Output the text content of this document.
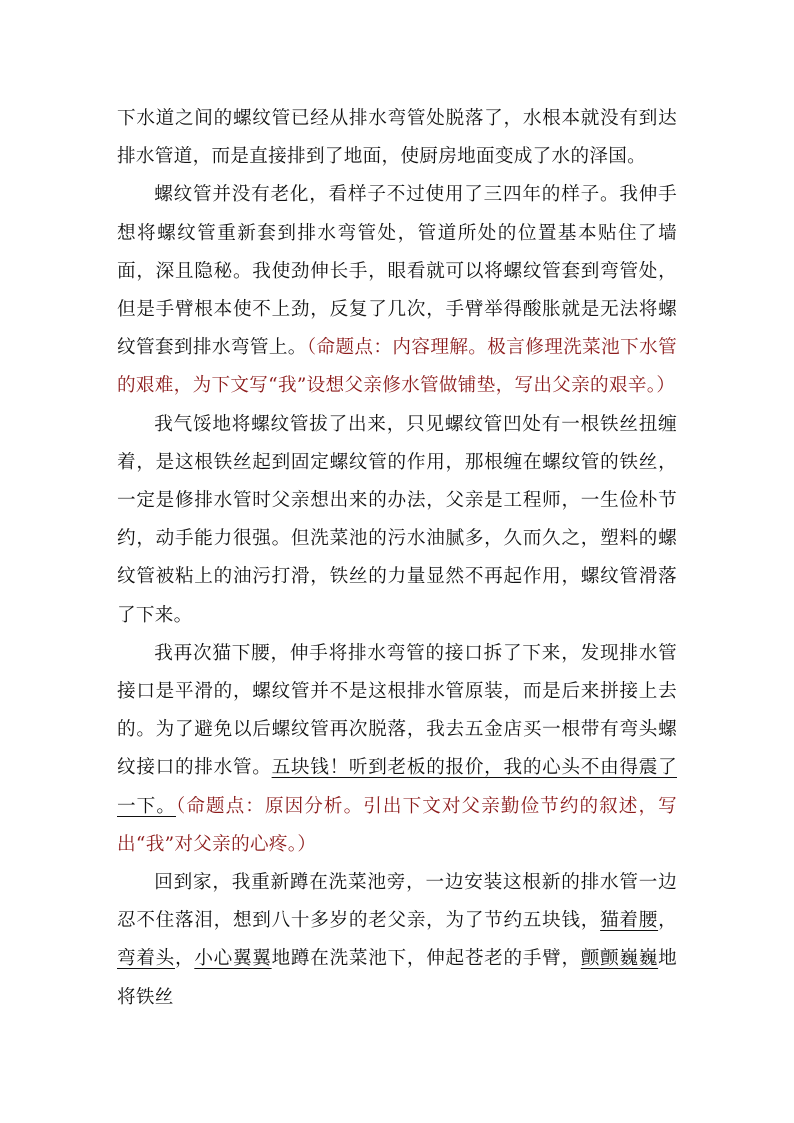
下水道之间的螺纹管已经从排水弯管处脱落了，水根本就没有到达排水管道，而是直接排到了地面，使厨房地面变成了水的泽国。

螺纹管并没有老化，看样子不过使用了三四年的样子。我伸手想将螺纹管重新套到排水弯管处，管道所处的位置基本贴住了墙面，深且隐秘。我使劲伸长手，眼看就可以将螺纹管套到弯管处，但是手臂根本使不上劲，反复了几次，手臂举得酸胀就是无法将螺纹管套到排水弯管上。（命题点：内容理解。极言修理洗菜池下水管的艰难，为下文写“我”设想父亲修水管做铺垫，写出父亲的艰辛。）

我气馁地将螺纹管拔了出来，只见螺纹管凹处有一根铁丝扭缠着，是这根铁丝起到固定螺纹管的作用，那根缠在螺纹管的铁丝，一定是修排水管时父亲想出来的办法，父亲是工程师，一生俭朴节约，动手能力很强。但洗菜池的污水油腻多，久而久之，塑料的螺纹管被粘上的油污打滑，铁丝的力量显然不再起作用，螺纹管滑落了下来。

我再次猫下腰，伸手将排水弯管的接口拆了下来，发现排水管接口是平滑的，螺纹管并不是这根排水管原装，而是后来拼接上去的。为了避免以后螺纹管再次脱落，我去五金店买一根带有弯头螺纹接口的排水管。五块钱！听到老板的报价，我的心头不由得震了一下。（命题点：原因分析。引出下文对父亲勤俭节约的叙述，写出“我”对父亲的心疼。）

回到家，我重新蹲在洗菜池旁，一边安装这根新的排水管一边忍不住落泪，想到八十多岁的老父亲，为了节约五块钱，猫着腰，弯着头，小心翼翼地蹲在洗菜池下，伸起苍老的手臂，颤颤巍巍地将铁丝
